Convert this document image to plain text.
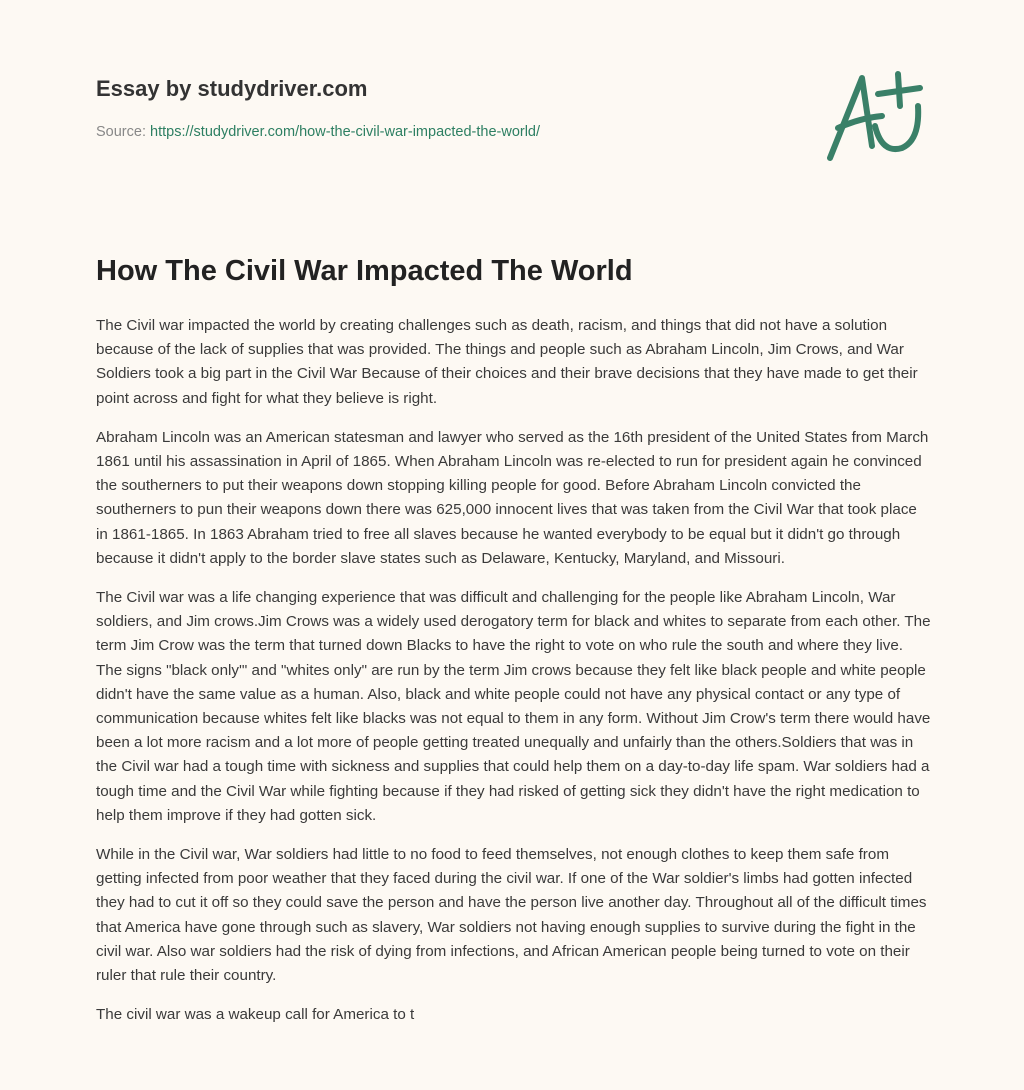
Essay by studydriver.com
Source: https://studydriver.com/how-the-civil-war-impacted-the-world/
How The Civil War Impacted The World

The Civil war impacted the world by creating challenges such as death, racism, and things that did not have a solution because of the lack of supplies that was provided. The things and people such as Abraham Lincoln, Jim Crows, and War Soldiers took a big part in the Civil War Because of their choices and their brave decisions that they have made to get their point across and fight for what they believe is right.

Abraham Lincoln was an American statesman and lawyer who served as the 16th president of the United States from March 1861 until his assassination in April of 1865. When Abraham Lincoln was re-elected to run for president again he convinced the southerners to put their weapons down stopping killing people for good. Before Abraham Lincoln convicted the southerners to pun their weapons down there was 625,000 innocent lives that was taken from the Civil War that took place in 1861-1865. In 1863 Abraham tried to free all slaves because he wanted everybody to be equal but it didn't go through because it didn't apply to the border slave states such as Delaware, Kentucky, Maryland, and Missouri.

The Civil war was a life changing experience that was difficult and challenging for the people like Abraham Lincoln, War soldiers, and Jim crows.Jim Crows was a widely used derogatory term for black and whites to separate from each other. The term Jim Crow was the term that turned down Blacks to have the right to vote on who rule the south and where they live. The signs "black only'" and "whites only" are run by the term Jim crows because they felt like black people and white people didn't have the same value as a human. Also, black and white people could not have any physical contact or any type of communication because whites felt like blacks was not equal to them in any form. Without Jim Crow's term there would have been a lot more racism and a lot more of people getting treated unequally and unfairly than the others.Soldiers that was in the Civil war had a tough time with sickness and supplies that could help them on a day-to-day life spam. War soldiers had a tough time and the Civil War while fighting because if they had risked of getting sick they didn't have the right medication to help them improve if they had gotten sick.

While in the Civil war, War soldiers had little to no food to feed themselves, not enough clothes to keep them safe from getting infected from poor weather that they faced during the civil war. If one of the War soldier's limbs had gotten infected they had to cut it off so they could save the person and have the person live another day. Throughout all of the difficult times that America have gone through such as slavery, War soldiers not having enough supplies to survive during the fight in the civil war. Also war soldiers had the risk of dying from infections, and African American people being turned to vote on their ruler that rule their country.

The civil war was a wakeup call for America to t
